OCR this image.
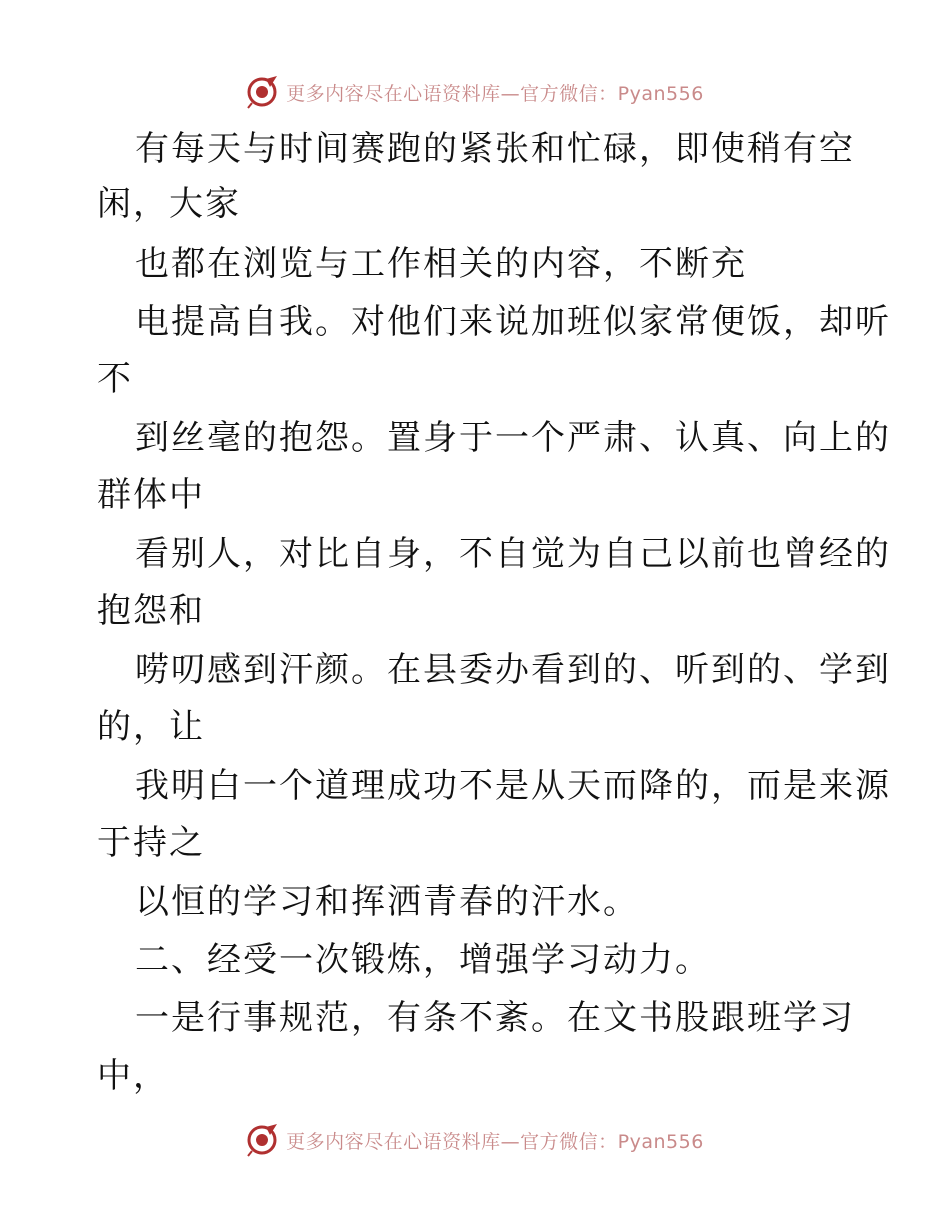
更多内容尽在心语资料库—官方微信：Pyan556
有每天与时间赛跑的紧张和忙碌，即使稍有空
闲，大家
也都在浏览与工作相关的内容，不断充
电提高自我。对他们来说加班似家常便饭，却听
不
到丝毫的抱怨。置身于一个严肃、认真、向上的
群体中
看别人，对比自身，不自觉为自己以前也曾经的
抱怨和
唠叨感到汗颜。在县委办看到的、听到的、学到
的，让
我明白一个道理成功不是从天而降的，而是来源
于持之
以恒的学习和挥洒青春的汗水。
二、经受一次锻炼，增强学习动力。
一是行事规范，有条不紊。在文书股跟班学习
中，
更多内容尽在心语资料库—官方微信：Pyan556
